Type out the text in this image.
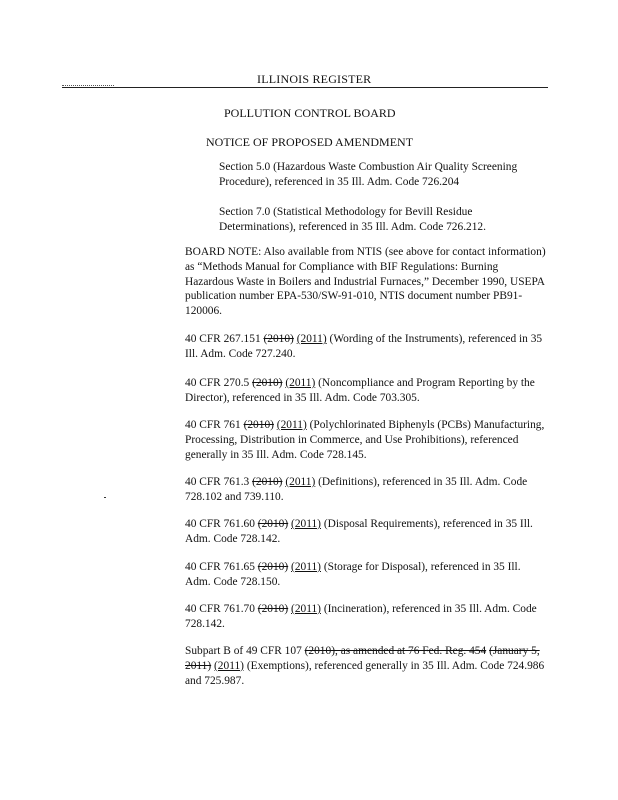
ILLINOIS REGISTER
POLLUTION CONTROL BOARD
NOTICE OF PROPOSED AMENDMENT

Section 5.0 (Hazardous Waste Combustion Air Quality Screening Procedure), referenced in 35 Ill. Adm. Code 726.204

Section 7.0 (Statistical Methodology for Bevill Residue Determinations), referenced in 35 Ill. Adm. Code 726.212.

BOARD NOTE: Also available from NTIS (see above for contact information) as “Methods Manual for Compliance with BIF Regulations: Burning Hazardous Waste in Boilers and Industrial Furnaces,” December 1990, USEPA publication number EPA-530/SW-91-010, NTIS document number PB91-120006.

40 CFR 267.151 (2010) (2011) (Wording of the Instruments), referenced in 35 Ill. Adm. Code 727.240.

40 CFR 270.5 (2010) (2011) (Noncompliance and Program Reporting by the Director), referenced in 35 Ill. Adm. Code 703.305.

40 CFR 761 (2010) (2011) (Polychlorinated Biphenyls (PCBs) Manufacturing, Processing, Distribution in Commerce, and Use Prohibitions), referenced generally in 35 Ill. Adm. Code 728.145.

40 CFR 761.3 (2010) (2011) (Definitions), referenced in 35 Ill. Adm. Code 728.102 and 739.110.

40 CFR 761.60 (2010) (2011) (Disposal Requirements), referenced in 35 Ill. Adm. Code 728.142.

40 CFR 761.65 (2010) (2011) (Storage for Disposal), referenced in 35 Ill. Adm. Code 728.150.

40 CFR 761.70 (2010) (2011) (Incineration), referenced in 35 Ill. Adm. Code 728.142.

Subpart B of 49 CFR 107 (2010), as amended at 76 Fed. Reg. 454 (January 5, 2011) (2011) (Exemptions), referenced generally in 35 Ill. Adm. Code 724.986 and 725.987.
